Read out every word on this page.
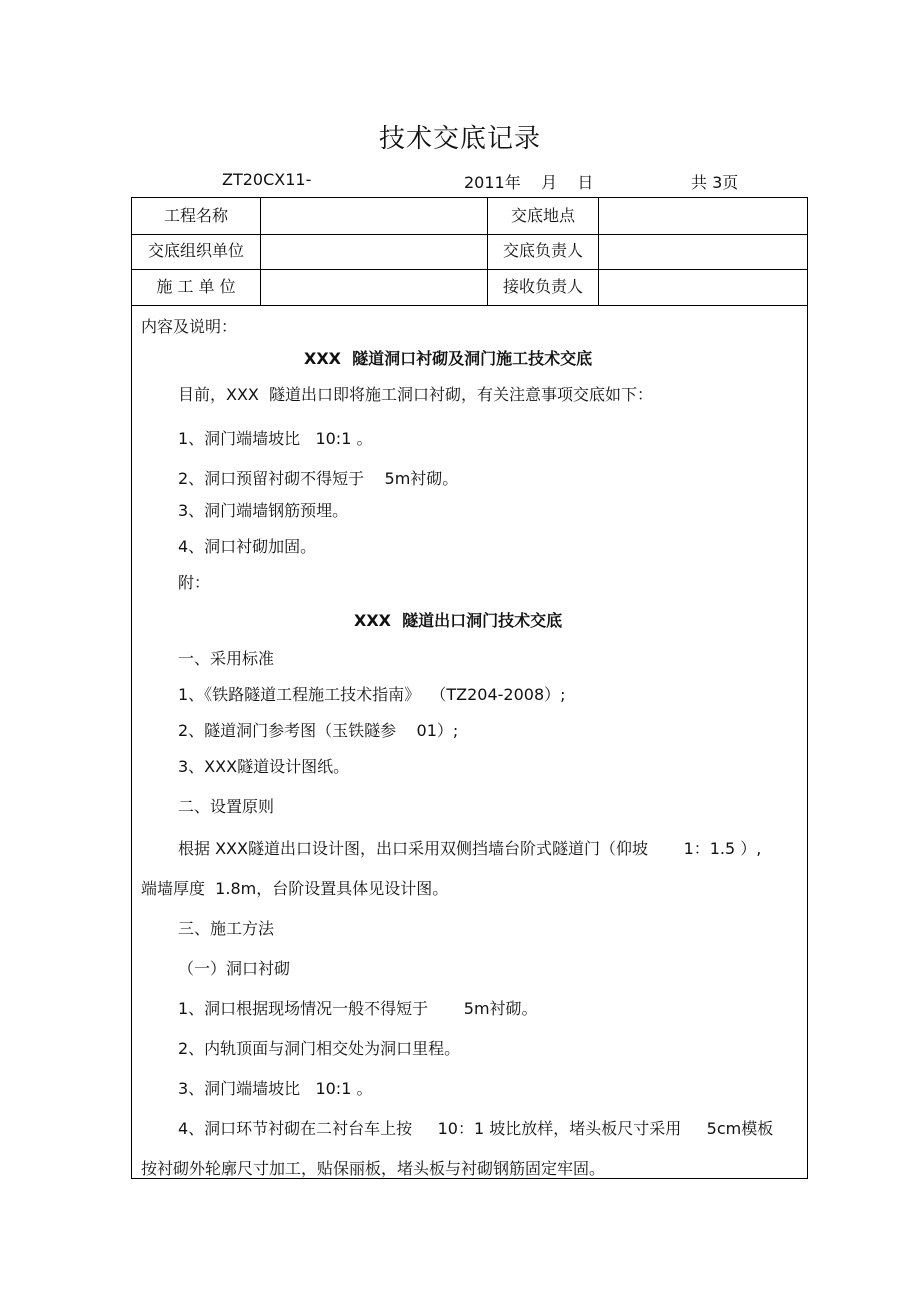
技术交底记录
ZT20CX11-	2011年    月    日	共 3页
工程名称	交底地点
交底组织单位	交底负责人
施 工 单 位	接收负责人
内容及说明：
XXX  隧道洞口衬砌及洞门施工技术交底
目前，XXX  隧道出口即将施工洞口衬砌，有关注意事项交底如下：
1、洞门端墙坡比   10:1 。
2、洞口预留衬砌不得短于    5m衬砌。
3、洞门端墙钢筋预埋。
4、洞口衬砌加固。
附：
XXX  隧道出口洞门技术交底
一、采用标准
1、《铁路隧道工程施工技术指南》  （TZ204-2008）;
2、隧道洞门参考图（玉铁隧参    01）;
3、XXX隧道设计图纸。
二、设置原则
根据 XXX隧道出口设计图，出口采用双侧挡墙台阶式隧道门（仰坡       1：1.5 ）,
端墙厚度  1.8m，台阶设置具体见设计图。
三、施工方法
（一）洞口衬砌
1、洞口根据现场情况一般不得短于       5m衬砌。
2、内轨顶面与洞门相交处为洞口里程。
3、洞门端墙坡比   10:1 。
4、洞口环节衬砌在二衬台车上按     10：1 坡比放样，堵头板尺寸采用     5cm模板
按衬砌外轮廓尺寸加工，贴保丽板，堵头板与衬砌钢筋固定牢固。
